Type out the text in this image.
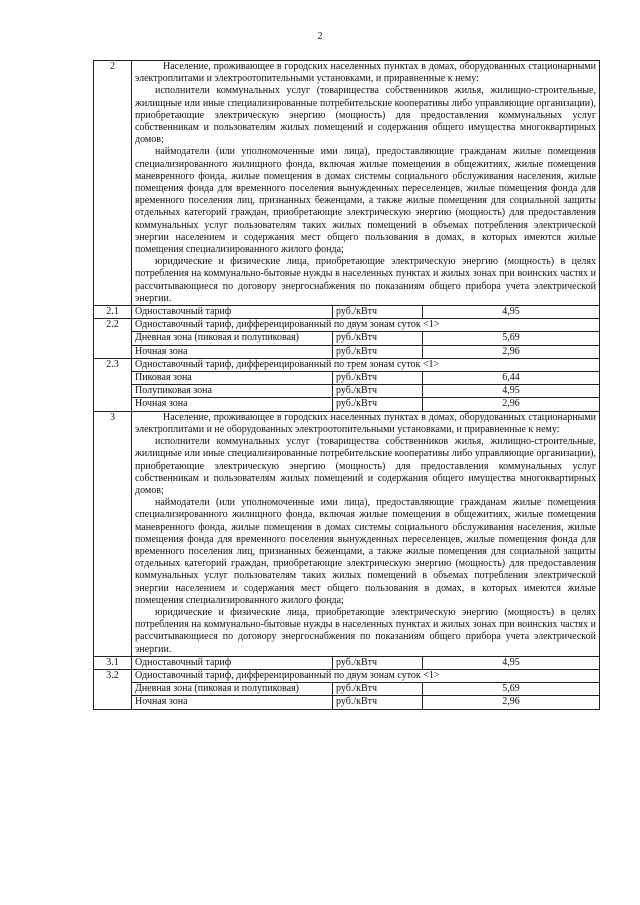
2
2	Население, проживающее в городских населенных пунктах в домах, оборудованных стационарными электроплитами и электроотопительными установками, и приравненные к нему:

исполнители коммунальных услуг (товарищества собственников жилья, жилищно-строительные, жилищные или иные специализированные потребительские кооперативы либо управляющие организации), приобретающие электрическую энергию (мощность) для предоставления коммунальных услуг собственникам и пользователям жилых помещений и содержания общего имущества многоквартирных домов;

наймодатели (или уполномоченные ими лица), предоставляющие гражданам жилые помещения специализированного жилищного фонда, включая жилые помещения в общежитиях, жилые помещения маневренного фонда, жилые помещения в домах системы социального обслуживания населения, жилые помещения фонда для временного поселения вынужденных переселенцев, жилые помещения фонда для временного поселения лиц, признанных беженцами, а также жилые помещения для социальной защиты отдельных категорий граждан, приобретающие электрическую энергию (мощность) для предоставления коммунальных услуг пользователям таких жилых помещений в объемах потребления электрической энергии населением и содержания мест общего пользования в домах, в которых имеются жилые помещения специализированного жилого фонда;

юридические и физические лица, приобретающие электрическую энергию (мощность) в целях потребления на коммунально-бытовые нужды в населенных пунктах и жилых зонах при воинских частях и рассчитывающиеся по договору энергоснабжения по показаниям общего прибора учета электрической энергии.		

2.1	Одноставочный тариф	руб./кВтч	4,95
2.2	Одноставочный тариф, дифференцированный по двум зонам суток <1>		
	Дневная зона (пиковая и полупиковая)	руб./кВтч	5,69
	Ночная зона	руб./кВтч	2,96
2.3	Одноставочный тариф, дифференцированный по трем зонам суток <1>		
	Пиковая зона	руб./кВтч	6,44
	Полупиковая зона	руб./кВтч	4,95
	Ночная зона	руб./кВтч	2,96
3	Население, проживающее в городских населенных пунктах в домах, оборудованных стационарными электроплитами и не оборудованных электроотопительными установками, и приравненные к нему:

исполнители коммунальных услуг (товарищества собственников жилья, жилищно-строительные, жилищные или иные специализированные потребительские кооперативы либо управляющие организации), приобретающие электрическую энергию (мощность) для предоставления коммунальных услуг собственникам и пользователям жилых помещений и содержания общего имущества многоквартирных домов;

наймодатели (или уполномоченные ими лица), предоставляющие гражданам жилые помещения специализированного жилищного фонда, включая жилые помещения в общежитиях, жилые помещения маневренного фонда, жилые помещения в домах системы социального обслуживания населения, жилые помещения фонда для временного поселения вынужденных переселенцев, жилые помещения фонда для временного поселения лиц, признанных беженцами, а также жилые помещения для социальной защиты отдельных категорий граждан, приобретающие электрическую энергию (мощность) для предоставления коммунальных услуг пользователям таких жилых помещений в объемах потребления электрической энергии населением и содержания мест общего пользования в домах, в которых имеются жилые помещения специализированного жилого фонда;

юридические и физические лица, приобретающие электрическую энергию (мощность) в целях потребления на коммунально-бытовые нужды в населенных пунктах и жилых зонах при воинских частях и рассчитывающиеся по договору энергоснабжения по показаниям общего прибора учета электрической энергии.		

3.1	Одноставочный тариф	руб./кВтч	4,95
3.2	Одноставочный тариф, дифференцированный по двум зонам суток <1>		
	Дневная зона (пиковая и полупиковая)	руб./кВтч	5,69
	Ночная зона	руб./кВтч	2,96
